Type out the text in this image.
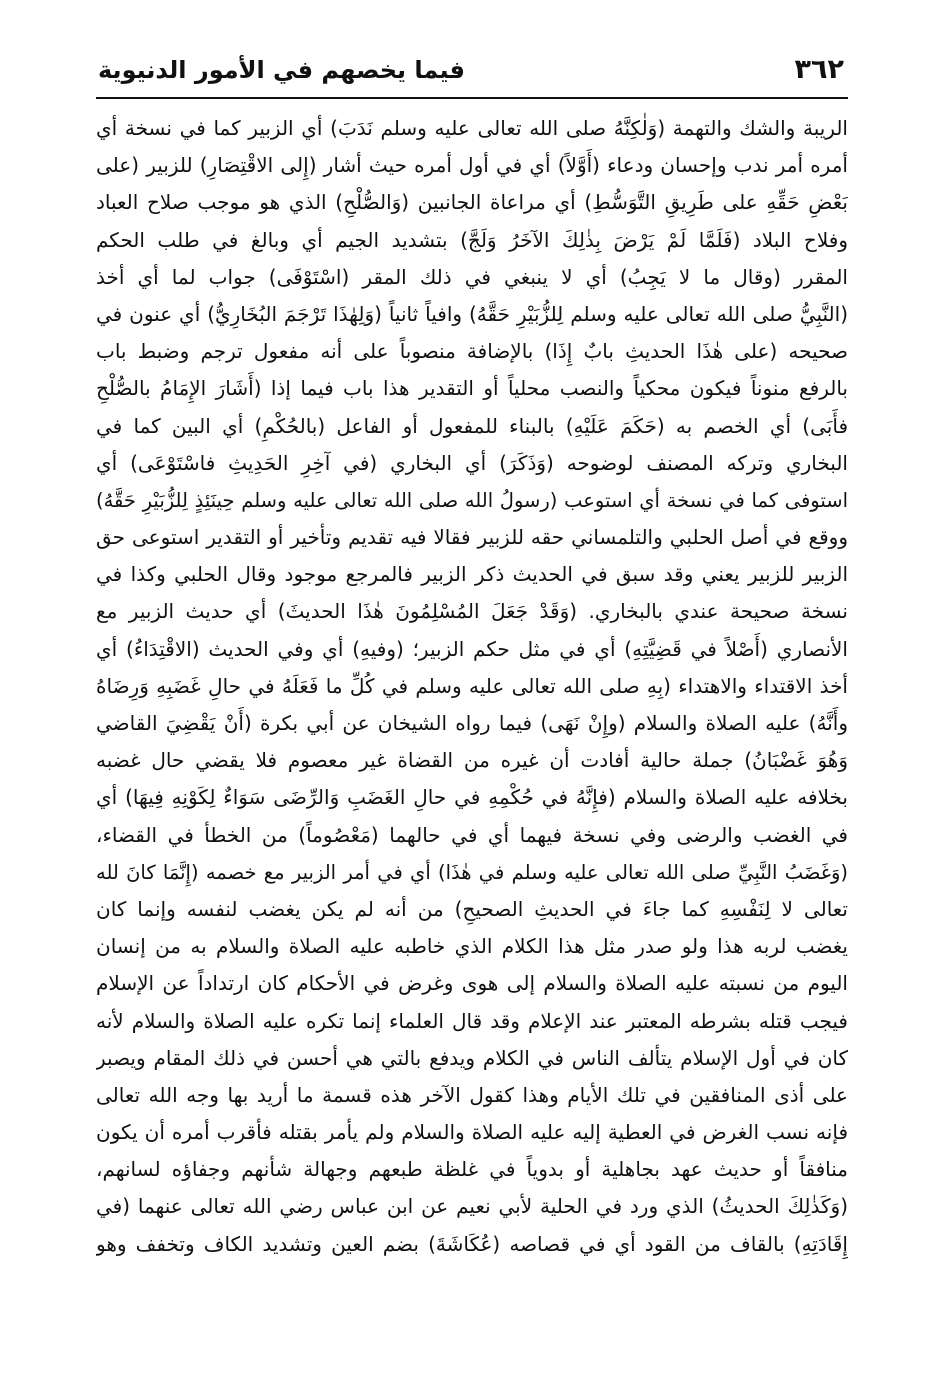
٣٦٢
فيما يخصهم في الأمور الدنيوية
الريبة والشك والتهمة (وَلٰكِنَّهُ صلى الله تعالى عليه وسلم نَدَبَ) أي الزبير كما في نسخة أي
أمره أمر ندب وإحسان ودعاء (أَوَّلاً) أي في أول أمره حيث أشار (إِلى الاقْتِصَارِ) للزبير (على
بَعْضِ حَقِّهِ على طَرِيقِ التَّوَسُّطِ) أي مراعاة الجانبين (وَالصُّلْحِ) الذي هو موجب صلاح العباد
وفلاح البلاد (فَلَمَّا لَمْ يَرْضَ بِذٰلِكَ الآخَرُ وَلَجَّ) بتشديد الجيم أي وبالغ في طلب الحكم
المقرر (وقال ما لا يَجِبُ) أي لا ينبغي في ذلك المقر (اسْتَوْفَى) جواب لما أي أخذ
(النَّبِيُّ صلى الله تعالى عليه وسلم لِلزُّبَيْرِ حَقَّهُ) وافياً ثانياً (وَلِهٰذَا تَرْجَمَ البُخَارِيُّ) أي عنون في
صحيحه (على هٰذَا الحديثِ بابٌ إِذَا) بالإضافة منصوباً على أنه مفعول ترجم وضبط باب
بالرفع منوناً فيكون محكياً والنصب محلياً أو التقدير هذا باب فيما إذا (أَشَارَ الإِمَامُ بالصُّلْحِ
فأَبَى) أي الخصم به (حَكَمَ عَلَيْهِ) بالبناء للمفعول أو الفاعل (بالحُكْمِ) أي البين كما في
البخاري وتركه المصنف لوضوحه (وَذَكَرَ) أي البخاري (في آخِرِ الحَدِيثِ فاسْتَوْعَى) أي
استوفى كما في نسخة أي استوعب (رسولُ الله صلى الله تعالى عليه وسلم حِينَئِذٍ لِلزُّبَيْرِ حَقَّهُ)
ووقع في أصل الحلبي والتلمساني حقه للزبير فقالا فيه تقديم وتأخير أو التقدير استوعى حق
الزبير للزبير يعني وقد سبق في الحديث ذكر الزبير فالمرجع موجود وقال الحلبي وكذا في
نسخة صحيحة عندي بالبخاري. (وَقَدْ جَعَلَ المُسْلِمُونَ هٰذَا الحديثَ) أي حديث الزبير مع
الأنصاري (أَصْلاً في قَضِيَّتِهِ) أي في مثل حكم الزبير؛ (وفيهِ) أي وفي الحديث (الاقْتِدَاءُ) أي
أخذ الاقتداء والاهتداء (بِهِ صلى الله تعالى عليه وسلم في كُلِّ ما فَعَلَهُ في حالِ غَضَبِهِ وَرِضَاهُ
وأَنَّهُ) عليه الصلاة والسلام (وإِنْ نَهَى) فيما رواه الشيخان عن أبي بكرة (أَنْ يَقْضِيَ القاضي
وَهُوَ غَضْبَانُ) جملة حالية أفادت أن غيره من القضاة غير معصوم فلا يقضي حال غضبه
بخلافه عليه الصلاة والسلام (فإِنَّهُ في حُكْمِهِ في حالِ الغَضَبِ وَالرِّضَى سَوَاءٌ لِكَوْنِهِ فِيهَا) أي
في الغضب والرضى وفي نسخة فيهما أي في حالهما (مَعْصُوماً) من الخطأ في القضاء،
(وَغَضَبُ النَّبِيِّ صلى الله تعالى عليه وسلم في هٰذَا) أي في أمر الزبير مع خصمه (إِنَّمَا كانَ لله
تعالى لا لِنَفْسِهِ كما جاءَ في الحديثِ الصحيحِ) من أنه لم يكن يغضب لنفسه وإنما كان
يغضب لربه هذا ولو صدر مثل هذا الكلام الذي خاطبه عليه الصلاة والسلام به من إنسان
اليوم من نسبته عليه الصلاة والسلام إلى هوى وغرض في الأحكام كان ارتداداً عن الإسلام
فيجب قتله بشرطه المعتبر عند الإعلام وقد قال العلماء إنما تكره عليه الصلاة والسلام لأنه
كان في أول الإسلام يتألف الناس في الكلام ويدفع بالتي هي أحسن في ذلك المقام ويصبر
على أذى المنافقين في تلك الأيام وهذا كقول الآخر هذه قسمة ما أريد بها وجه الله تعالى
فإنه نسب الغرض في العطية إليه عليه الصلاة والسلام ولم يأمر بقتله فأقرب أمره أن يكون
منافقاً أو حديث عهد بجاهلية أو بدوياً في غلظة طبعهم وجهالة شأنهم وجفاؤه لسانهم،
(وَكَذٰلِكَ الحديثُ) الذي ورد في الحلية لأبي نعيم عن ابن عباس رضي الله تعالى عنهما (في
إِقَادَتِهِ) بالقاف من القود أي في قصاصه (عُكَاشَةَ) بضم العين وتشديد الكاف وتخفف وهو
